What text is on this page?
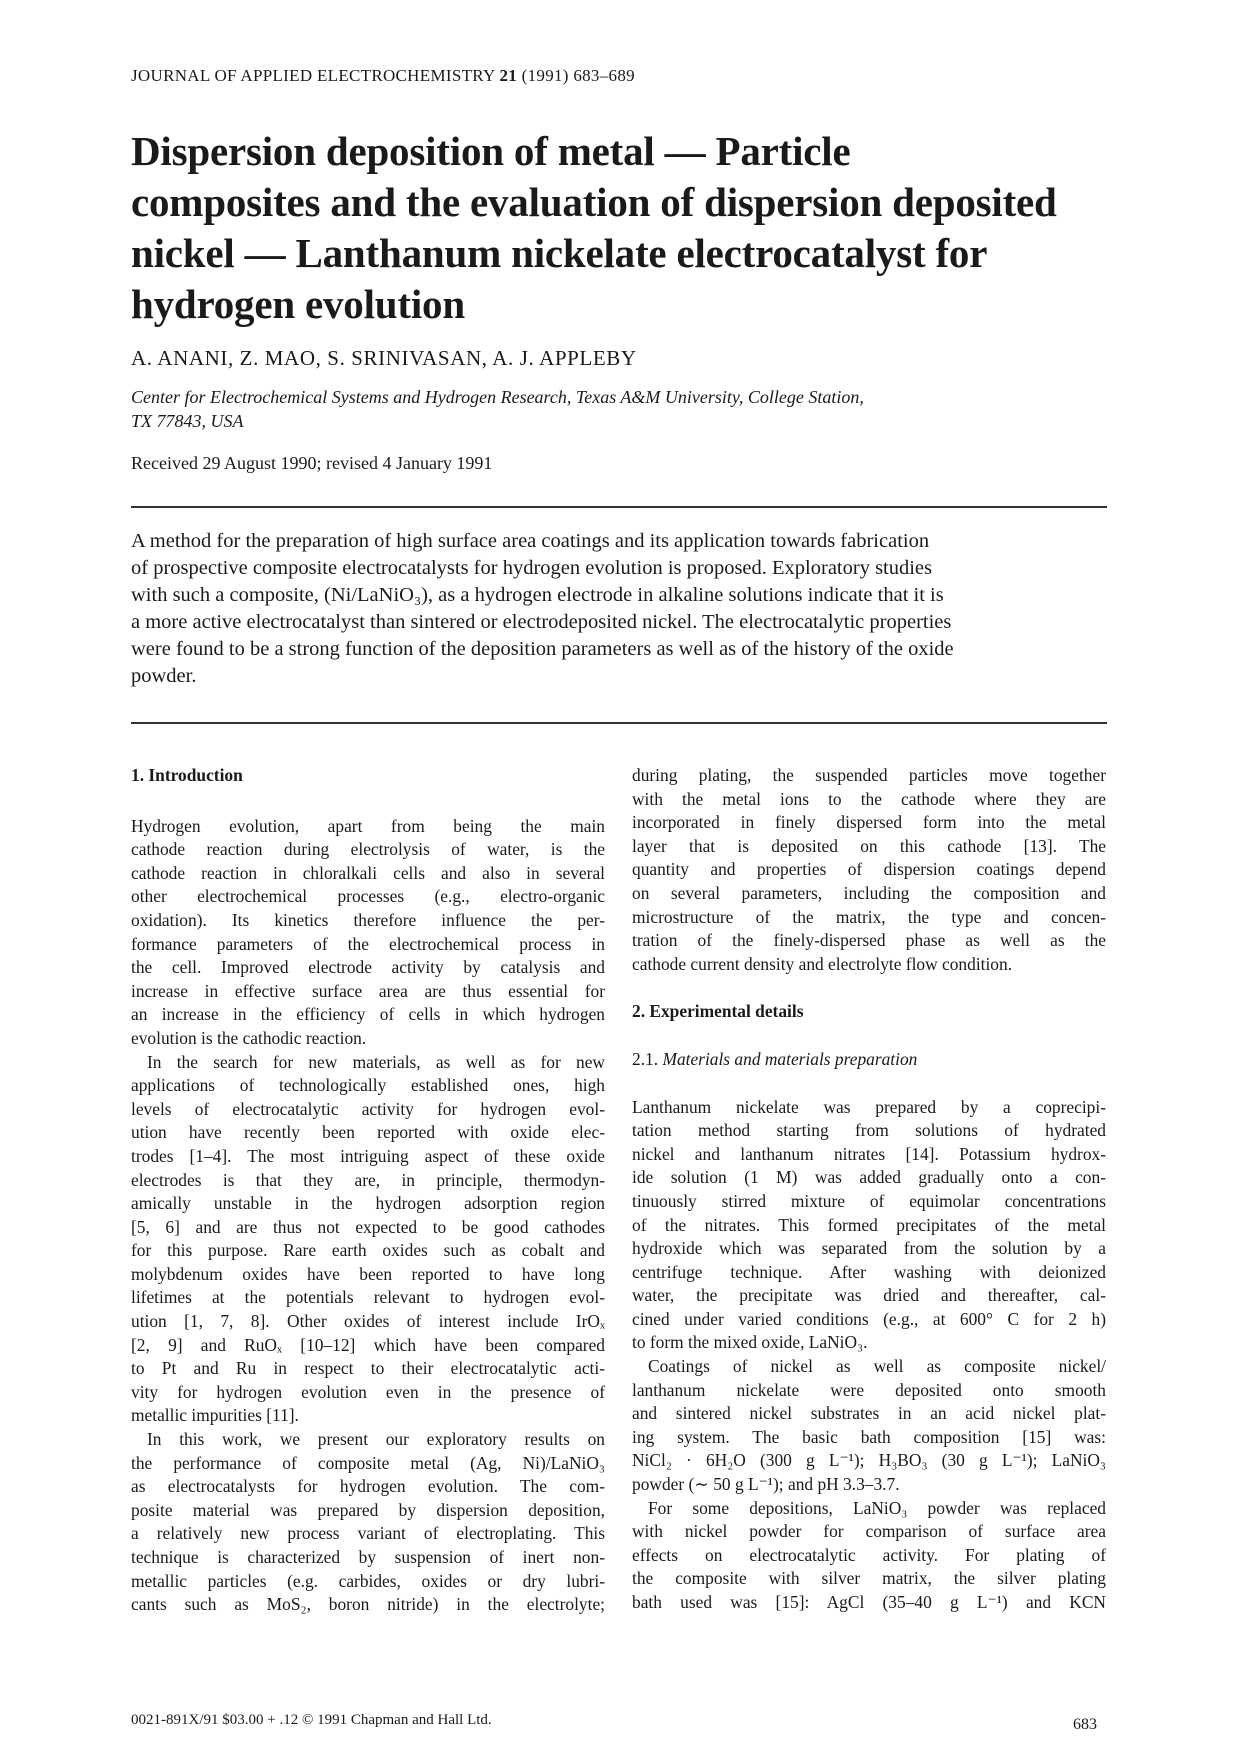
JOURNAL OF APPLIED ELECTROCHEMISTRY 21 (1991) 683–689
Dispersion deposition of metal — Particle
composites and the evaluation of dispersion deposited
nickel — Lanthanum nickelate electrocatalyst for
hydrogen evolution
A. ANANI, Z. MAO, S. SRINIVASAN, A. J. APPLEBY
Center for Electrochemical Systems and Hydrogen Research, Texas A&M University, College Station,
TX 77843, USA
Received 29 August 1990; revised 4 January 1991
A method for the preparation of high surface area coatings and its application towards fabrication
of prospective composite electrocatalysts for hydrogen evolution is proposed. Exploratory studies
with such a composite, (Ni/LaNiO₃), as a hydrogen electrode in alkaline solutions indicate that it is
a more active electrocatalyst than sintered or electrodeposited nickel. The electrocatalytic properties
were found to be a strong function of the deposition parameters as well as of the history of the oxide
powder.
1. Introduction
Hydrogen evolution, apart from being the main
cathode reaction during electrolysis of water, is the
cathode reaction in chloralkali cells and also in several
other electrochemical processes (e.g., electro-organic
oxidation). Its kinetics therefore influence the per-
formance parameters of the electrochemical process in
the cell. Improved electrode activity by catalysis and
increase in effective surface area are thus essential for
an increase in the efficiency of cells in which hydrogen
evolution is the cathodic reaction.
In the search for new materials, as well as for new
applications of technologically established ones, high
levels of electrocatalytic activity for hydrogen evol-
ution have recently been reported with oxide elec-
trodes [1–4]. The most intriguing aspect of these oxide
electrodes is that they are, in principle, thermodyn-
amically unstable in the hydrogen adsorption region
[5, 6] and are thus not expected to be good cathodes
for this purpose. Rare earth oxides such as cobalt and
molybdenum oxides have been reported to have long
lifetimes at the potentials relevant to hydrogen evol-
ution [1, 7, 8]. Other oxides of interest include IrOₓ
[2, 9] and RuOₓ [10–12] which have been compared
to Pt and Ru in respect to their electrocatalytic acti-
vity for hydrogen evolution even in the presence of
metallic impurities [11].
In this work, we present our exploratory results on
the performance of composite metal (Ag, Ni)/LaNiO₃
as electrocatalysts for hydrogen evolution. The com-
posite material was prepared by dispersion deposition,
a relatively new process variant of electroplating. This
technique is characterized by suspension of inert non-
metallic particles (e.g. carbides, oxides or dry lubri-
cants such as MoS₂, boron nitride) in the electrolyte;
during plating, the suspended particles move together
with the metal ions to the cathode where they are
incorporated in finely dispersed form into the metal
layer that is deposited on this cathode [13]. The
quantity and properties of dispersion coatings depend
on several parameters, including the composition and
microstructure of the matrix, the type and concen-
tration of the finely-dispersed phase as well as the
cathode current density and electrolyte flow condition.
2. Experimental details
2.1. Materials and materials preparation
Lanthanum nickelate was prepared by a coprecipi-
tation method starting from solutions of hydrated
nickel and lanthanum nitrates [14]. Potassium hydrox-
ide solution (1 M) was added gradually onto a con-
tinuously stirred mixture of equimolar concentrations
of the nitrates. This formed precipitates of the metal
hydroxide which was separated from the solution by a
centrifuge technique. After washing with deionized
water, the precipitate was dried and thereafter, cal-
cined under varied conditions (e.g., at 600° C for 2 h)
to form the mixed oxide, LaNiO₃.
Coatings of nickel as well as composite nickel/
lanthanum nickelate were deposited onto smooth
and sintered nickel substrates in an acid nickel plat-
ing system. The basic bath composition [15] was:
NiCl₂ · 6H₂O (300 g L⁻¹); H₃BO₃ (30 g L⁻¹); LaNiO₃
powder (∼ 50 g L⁻¹); and pH 3.3–3.7.
For some depositions, LaNiO₃ powder was replaced
with nickel powder for comparison of surface area
effects on electrocatalytic activity. For plating of
the composite with silver matrix, the silver plating
bath used was [15]: AgCl (35–40 g L⁻¹) and KCN
0021-891X/91 $03.00 + .12 © 1991 Chapman and Hall Ltd.	683
